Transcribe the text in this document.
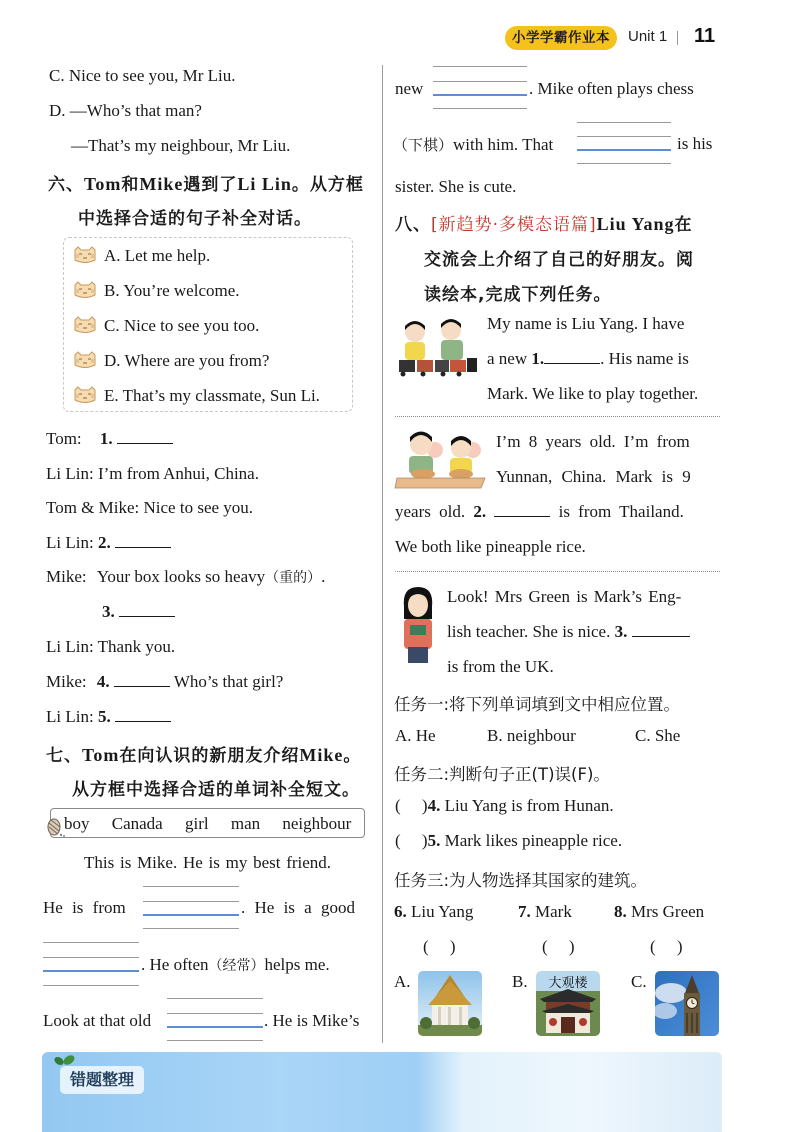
小学学霸作业本	Unit 1 11
C. Nice to see you, Mr Liu.
D. —Who’s that man?
—That’s my neighbour, Mr Liu.
六、Tom和Mike遇到了Li Lin。从方框
中选择合适的句子补全对话。
A. Let me help.
B. You’re welcome.
C. Nice to see you too.
D. Where are you from?
E. That’s my classmate, Sun Li.
Tom: 1.
Li Lin: I’m from Anhui, China.
Tom & Mike: Nice to see you.
Li Lin: 2.
Mike: Your box looks so heavy（重的）.
3.
Li Lin: Thank you.
Mike: 4.	Who’s that girl?
Li Lin: 5.
七、Tom在向认识的新朋友介绍Mike。
从方框中选择合适的单词补全短文。
boy Canada girl man neighbour
This is Mike. He is my best friend.
He is from	. He is a good
. He often（经常）helps me.
Look at that old	. He is Mike’s
new	. Mike often plays chess
（下棋）with him. That	is his
sister. She is cute.
八、[新趋势·多模态语篇]Liu Yang在
交流会上介绍了自己的好朋友。阅
读绘本,完成下列任务。
My name is Liu Yang. I have
a new 1.	. His name is
Mark. We like to play together.
I’m 8 years old. I’m from
Yunnan, China. Mark is 9
years old. 2.	is from Thailand.
We both like pineapple rice.
Look! Mrs Green is Mark’s Eng-
lish teacher. She is nice. 3.
is from the UK.
任务一:将下列单词填到文中相应位置。
A. He	B. neighbour	C. She
任务二:判断句子正(T)误(F)。
(     )4. Liu Yang is from Hunan.
(     )5. Mark likes pineapple rice.
任务三:为人物选择其国家的建筑。
6. Liu Yang	7. Mark 8. Mrs Green
(     )	(     )	(     )
A.	B.	大观楼	C.
错题整理
